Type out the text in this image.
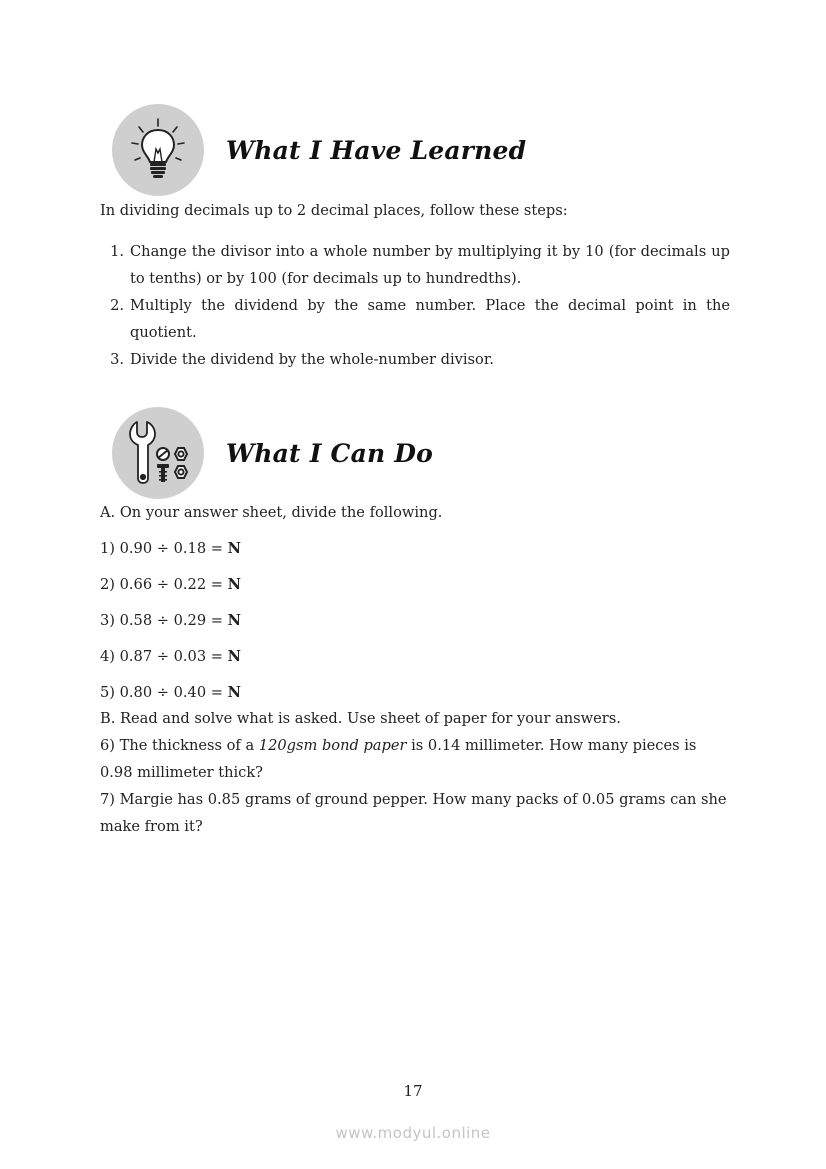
What I Have Learned
In dividing decimals up to 2 decimal places, follow these steps:
1. Change the divisor into a whole number by multiplying it by 10 (for decimals up to tenths) or by 100 (for decimals up to hundredths).
2. Multiply the dividend by the same number. Place the decimal point in the quotient.
3. Divide the dividend by the whole-number divisor.
What I Can Do
A. On your answer sheet, divide the following.
1) 0.90 ÷ 0.18 = N
2) 0.66 ÷ 0.22 = N
3) 0.58 ÷ 0.29 = N
4) 0.87 ÷ 0.03 = N
5) 0.80 ÷ 0.40 = N

B. Read and solve what is asked. Use sheet of paper for your answers.

6) The thickness of a 120gsm bond paper is 0.14 millimeter. How many pieces is 0.98 millimeter thick?

7) Margie has 0.85 grams of ground pepper. How many packs of 0.05 grams can she make from it?

17
www.modyul.online
